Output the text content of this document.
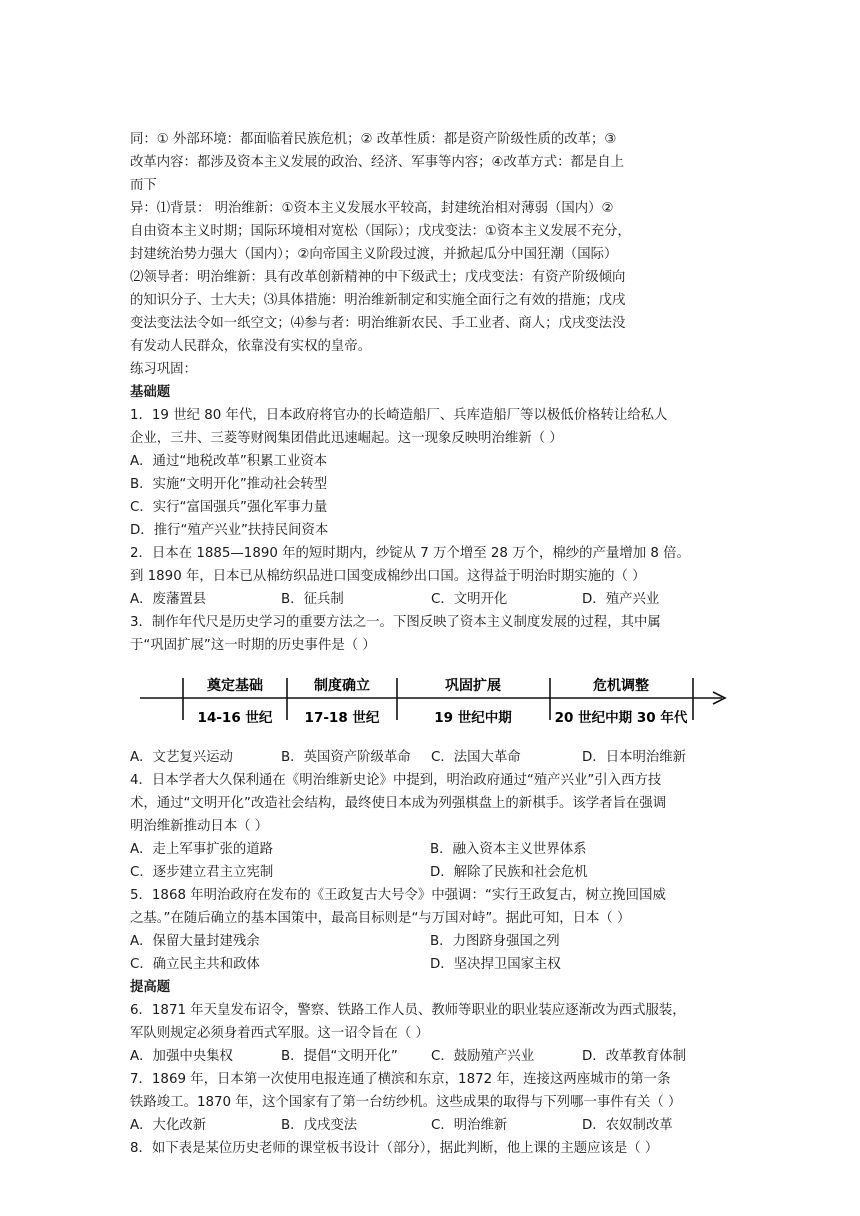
同：① 外部环境：都面临着民族危机；② 改革性质：都是资产阶级性质的改革；③
改革内容：都涉及资本主义发展的政治、经济、军事等内容；④改革方式：都是自上
而下
异：⑴背景： 明治维新：①资本主义发展水平较高，封建统治相对薄弱（国内）②
自由资本主义时期；国际环境相对宽松（国际）；戊戌变法：①资本主义发展不充分，
封建统治势力强大（国内）；②向帝国主义阶段过渡，并掀起瓜分中国狂潮（国际）
⑵领导者：明治维新：具有改革创新精神的中下级武士；戊戌变法：有资产阶级倾向
的知识分子、士大夫；⑶具体措施：明治维新制定和实施全面行之有效的措施；戊戌
变法变法法令如一纸空文；⑷参与者：明治维新农民、手工业者、商人；戊戌变法没
有发动人民群众，依靠没有实权的皇帝。
练习巩固：
基础题
1．19 世纪 80 年代，日本政府将官办的长崎造船厂、兵库造船厂等以极低价格转让给私人
企业，三井、三菱等财阀集团借此迅速崛起。这一现象反映明治维新（ ）
A．通过“地税改革”积累工业资本
B．实施“文明开化”推动社会转型
C．实行“富国强兵”强化军事力量
D．推行“殖产兴业”扶持民间资本
2．日本在 1885—1890 年的短时期内，纱锭从 7 万个增至 28 万个，棉纱的产量增加 8 倍。
到 1890 年，日本已从棉纺织品进口国变成棉纱出口国。这得益于明治时期实施的（ ）
A．废藩置县	B．征兵制	C．文明开化	D．殖产兴业
3．制作年代尺是历史学习的重要方法之一。下图反映了资本主义制度发展的过程，其中属
于“巩固扩展”这一时期的历史事件是（ ）
奠定基础	制度确立	巩固扩展	危机调整
14-16 世纪 17-18 世纪	19 世纪中期	20 世纪中期 30 年代
A．文艺复兴运动	B．英国资产阶级革命	C．法国大革命	D．日本明治维新
4．日本学者大久保利通在《明治维新史论》中提到，明治政府通过“殖产兴业”引入西方技
术，通过“文明开化”改造社会结构，最终使日本成为列强棋盘上的新棋手。该学者旨在强调
明治维新推动日本（ ）
A．走上军事扩张的道路	B．融入资本主义世界体系
C．逐步建立君主立宪制	D．解除了民族和社会危机
5．1868 年明治政府在发布的《王政复古大号令》中强调：“实行王政复古，树立挽回国威
之基。”在随后确立的基本国策中，最高目标则是“与万国对峙”。据此可知，日本（ ）
A．保留大量封建残余	B．力图跻身强国之列
C．确立民主共和政体	D．坚决捍卫国家主权
提高题
6．1871 年天皇发布诏令，警察、铁路工作人员、教师等职业的职业装应逐渐改为西式服装，
军队则规定必须身着西式军服。这一诏令旨在（ ）
A．加强中央集权	B．提倡“文明开化”	C．鼓励殖产兴业	D．改革教育体制
7．1869 年，日本第一次使用电报连通了横滨和东京，1872 年，连接这两座城市的第一条
铁路竣工。1870 年，这个国家有了第一台纺纱机。这些成果的取得与下列哪一事件有关（ ）
A．大化改新	B．戊戌变法	C．明治维新	D．农奴制改革
8．如下表是某位历史老师的课堂板书设计（部分），据此判断，他上课的主题应该是（ ）
